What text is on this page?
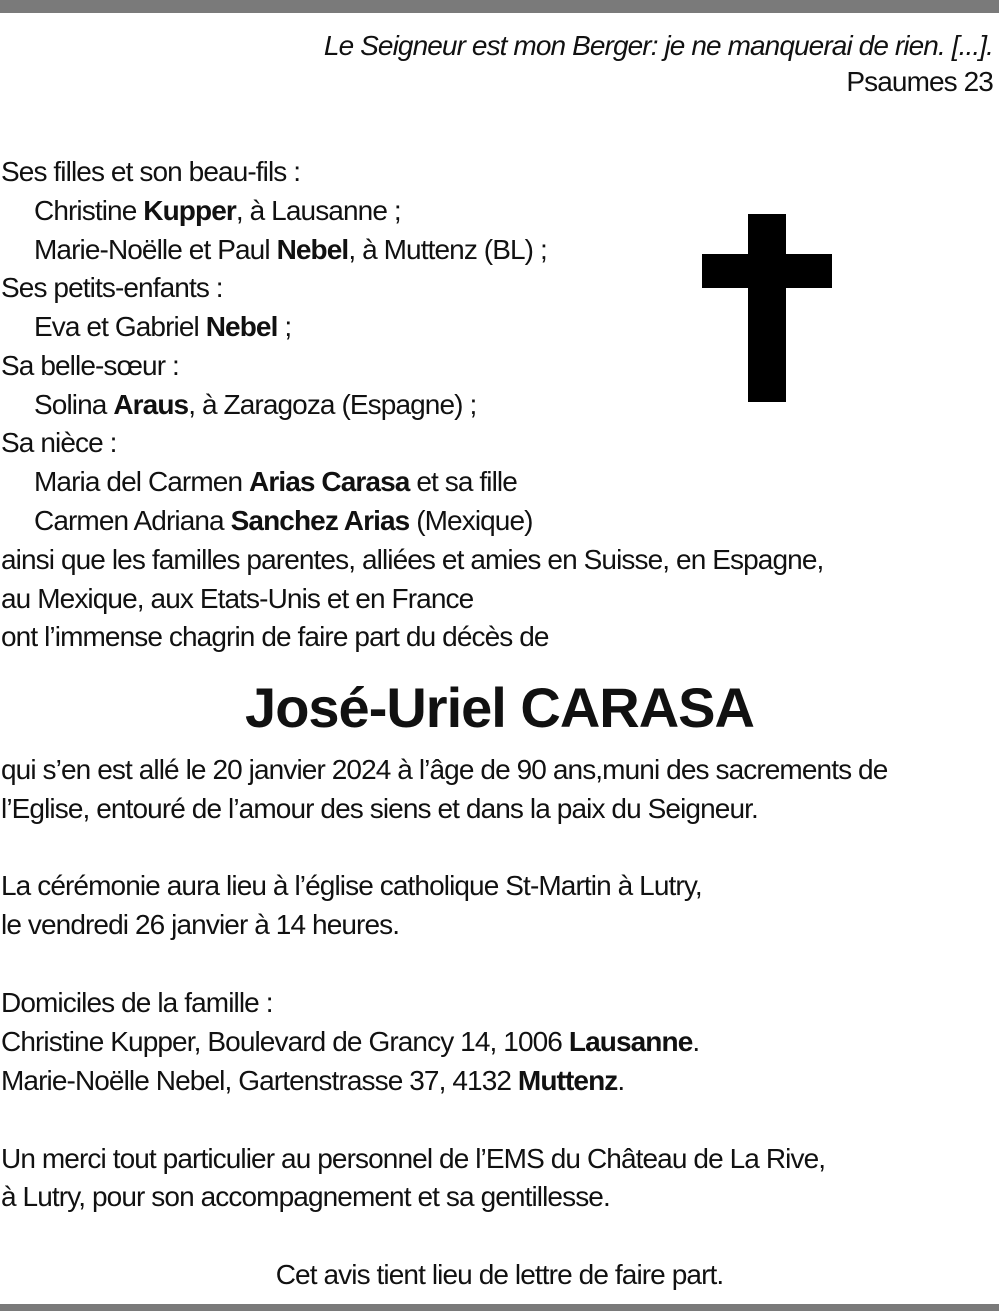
Le Seigneur est mon Berger: je ne manquerai de rien. [...].
Psaumes 23
Ses filles et son beau-fils :
Christine Kupper, à Lausanne ;
Marie-Noëlle et Paul Nebel, à Muttenz (BL) ;
Ses petits-enfants :
Eva et Gabriel Nebel ;
Sa belle-sœur :
Solina Araus, à Zaragoza (Espagne) ;
Sa nièce :
Maria del Carmen Arias Carasa et sa fille
Carmen Adriana Sanchez Arias (Mexique)
ainsi que les familles parentes, alliées et amies en Suisse, en Espagne,
au Mexique, aux Etats-Unis et en France
ont l’immense chagrin de faire part du décès de
José-Uriel CARASA
qui s’en est allé le 20 janvier 2024 à l’âge de 90 ans,muni des sacrements de
l’Eglise, entouré de l’amour des siens et dans la paix du Seigneur.
La cérémonie aura lieu à l’église catholique St-Martin à Lutry,
le vendredi 26 janvier à 14 heures.
Domiciles de la famille :
Christine Kupper, Boulevard de Grancy 14, 1006 Lausanne.
Marie-Noëlle Nebel, Gartenstrasse 37, 4132 Muttenz.
Un merci tout particulier au personnel de l’EMS du Château de La Rive,
à Lutry, pour son accompagnement et sa gentillesse.
Cet avis tient lieu de lettre de faire part.
